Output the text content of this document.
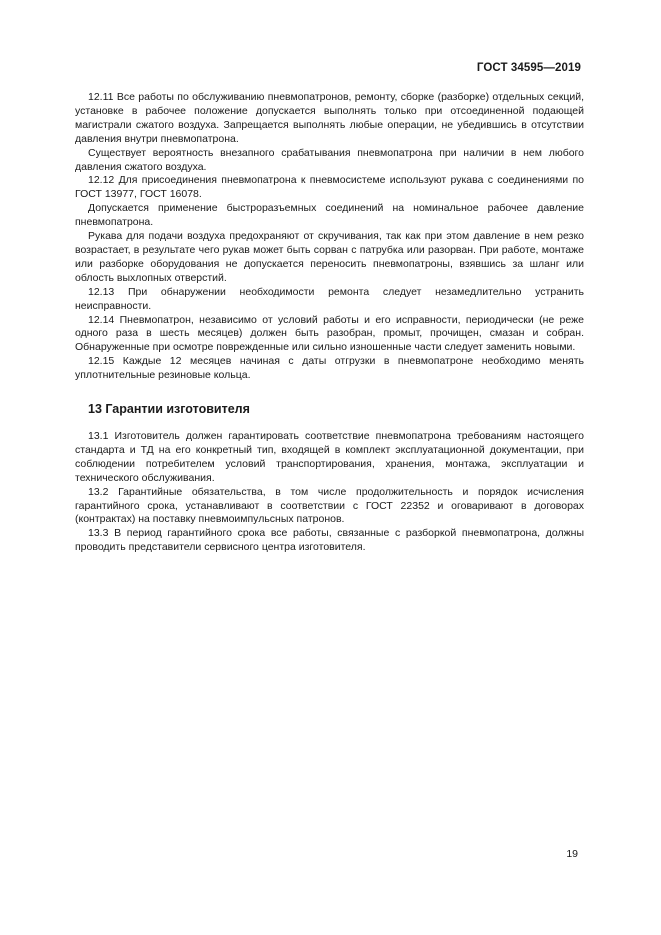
ГОСТ 34595—2019

12.11 Все работы по обслуживанию пневмопатронов, ремонту, сборке (разборке) отдельных секций, установке в рабочее положение допускается выполнять только при отсоединенной подающей магистрали сжатого воздуха. Запрещается выполнять любые операции, не убедившись в отсутствии давления внутри пневмопатрона.

Существует вероятность внезапного срабатывания пневмопатрона при наличии в нем любого давления сжатого воздуха.

12.12 Для присоединения пневмопатрона к пневмосистеме используют рукава с соединениями по ГОСТ 13977, ГОСТ 16078.

Допускается применение быстроразъемных соединений на номинальное рабочее давление пневмопатрона.

Рукава для подачи воздуха предохраняют от скручивания, так как при этом давление в нем резко возрастает, в результате чего рукав может быть сорван с патрубка или разорван. При работе, монтаже или разборке оборудования не допускается переносить пневмопатроны, взявшись за шланг или облость выхлопных отверстий.

12.13 При обнаружении необходимости ремонта следует незамедлительно устранить неисправности.

12.14 Пневмопатрон, независимо от условий работы и его исправности, периодически (не реже одного раза в шесть месяцев) должен быть разобран, промыт, прочищен, смазан и собран. Обнаруженные при осмотре поврежденные или сильно изношенные части следует заменить новыми.

12.15 Каждые 12 месяцев начиная с даты отгрузки в пневмопатроне необходимо менять уплотнительные резиновые кольца.

13 Гарантии изготовителя

13.1 Изготовитель должен гарантировать соответствие пневмопатрона требованиям настоящего стандарта и ТД на его конкретный тип, входящей в комплект эксплуатационной документации, при соблюдении потребителем условий транспортирования, хранения, монтажа, эксплуатации и технического обслуживания.

13.2 Гарантийные обязательства, в том числе продолжительность и порядок исчисления гарантийного срока, устанавливают в соответствии с ГОСТ 22352 и оговаривают в договорах (контрактах) на поставку пневмоимпульсных патронов.

13.3 В период гарантийного срока все работы, связанные с разборкой пневмопатрона, должны проводить представители сервисного центра изготовителя.

19
